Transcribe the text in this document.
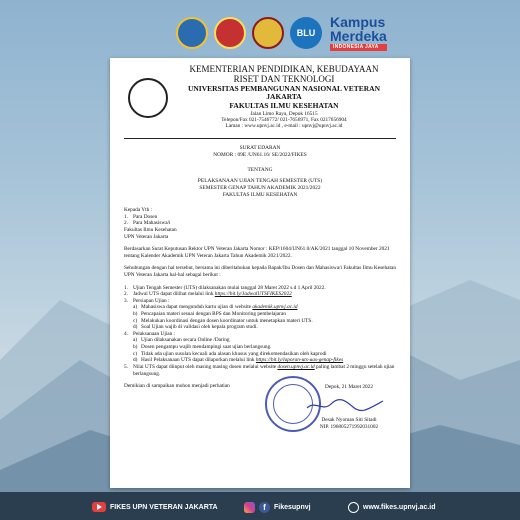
BLU
Kampus
Merdeka
INDONESIA JAYA
KEMENTERIAN PENDIDIKAN, KEBUDAYAAN
RISET DAN TEKNOLOGI
UNIVERSITAS PEMBANGUNAN NASIONAL VETERAN JAKARTA
FAKULTAS ILMU KESEHATAN
Jalan Limo Raya, Depok 16515
Telepon/Fax 021-7546772/ 021-7656971, Fax 0217656904
Laman : www.upnvj.ac.id , e-mail : upnvj@upnvj.ac.id
SURAT EDARAN
NOMOR : 09E /UN61.16/ SE/2022/FIKES
TENTANG
PELAKSANAAN UJIAN TENGAH SEMESTER (UTS)
SEMESTER GENAP TAHUN AKADEMIK 2021/2022
FAKULTAS ILMU KESEHATAN
Kepada Yth :
1. Para Dosen
2. Para Mahasiswa/i
Fakultas Ilmu Kesehatan
UPN Veteran Jakarta
Berdasarkan Surat Keputusan Rektor UPN Veteran Jakarta Nomor : KEP/1604/UN61.0/AK/2021 tanggal 10 November 2021 tentang Kalender Akademik UPN Veteran Jakarta Tahun Akademik 2021/2022.
Sehubungan dengan hal tersebut, bersama ini diberitahukan kepada Bapak/Ibu Dosen dan Mahasiswa/i Fakultas Ilmu Kesehatan UPN Veteran Jakarta hal-hal sebagai berikut :
1. Ujian Tengah Semester (UTS) dilaksanakan mulai tanggal 28 Maret 2022 s.d 1 April 2022.
2. Jadwal UTS dapat dilihat melalui link https://bit.ly/JadwalUTSFIKES2022
3. Persiapan Ujian :
a) Mahasiswa dapat mengunduh kartu ujian di website akademik.upnvj.ac.id
b) Pencapaian materi sesuai dengan RPS dan Monitoring pembelajaran
c) Melakukan koordinasi dengan dosen koordinator untuk menetapkan materi UTS.
d) Soal Ujian wajib di validasi oleh kepala program studi.
4. Pelaksanaan Ujian :
a) Ujian dilaksanakan secara Online /Daring
b) Dosen pengampu wajib mendampingi saat ujian berlangsung.
c) Tidak ada ujian susulan kecuali ada alasan khusus yang direkomendasikan oleh kaprodi
d) Hasil Pelaksanaan UTS dapat dilaporkan melalui link https://bit.ly/laporan-uts-uas-genap-fikes
5. Nilai UTS dapat diinput oleh masing masing dosen melalui website dosen.upnvj.ac.id paling lambat 2 minggu setelah ujian berlangsung.
Demikian di sampaikan mohon menjadi perhatian	Depok, 21 Maret 2022
Desak Nyoman Siti Sitadi
NIP. 196805271992031002
FIKES UPN VETERAN JAKARTA	f	Fikesupnvj	www.fikes.upnvj.ac.id
